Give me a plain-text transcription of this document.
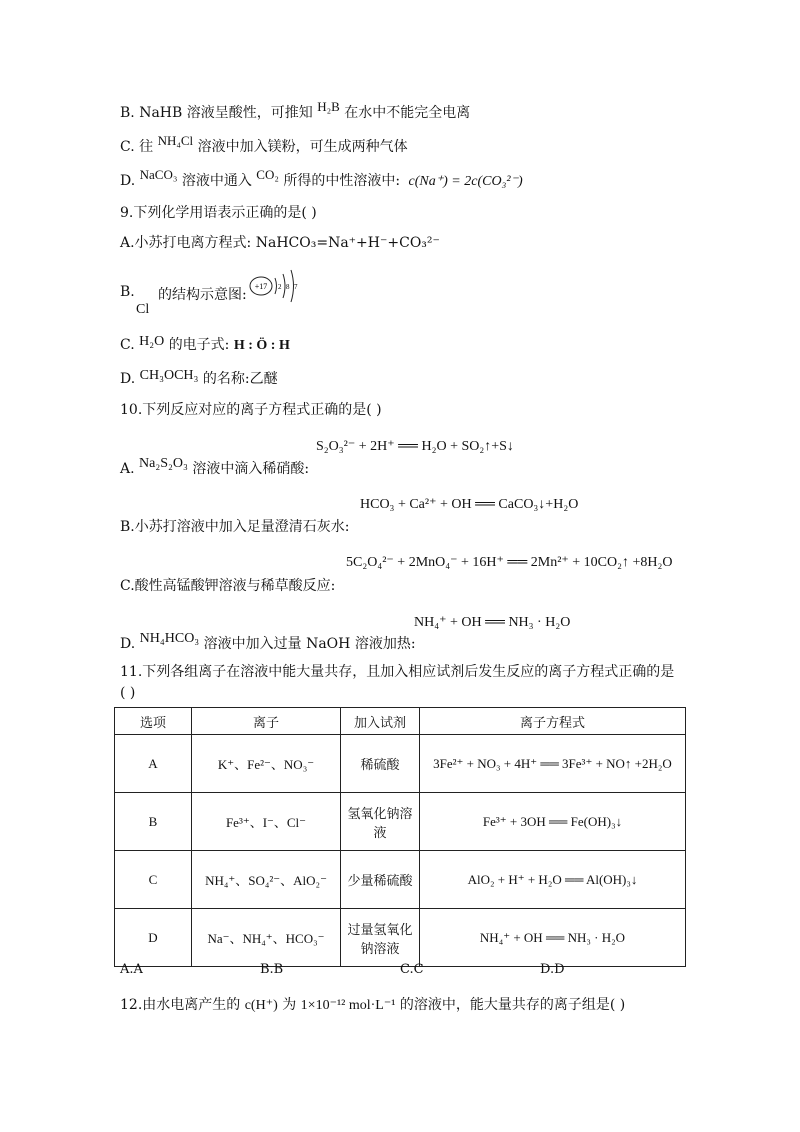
B. NaHB 溶液呈酸性，可推知 H₂B 在水中不能完全电离
C. 往 NH₄Cl 溶液中加入镁粉，可生成两种气体
D. NaCO₃ 溶液中通入 CO₂ 所得的中性溶液中: c(Na⁺) = 2c(CO₃²⁻)
9.下列化学用语表示正确的是( )
A.小苏打电离方程式: NaHCO₃=Na⁺+H⁻+CO₃²⁻
B.
Cl
的结构示意图:
+17 2 8 7
C. H₂O 的电子式: H : Ö : H
D. CH₃OCH₃ 的名称:乙醚
10.下列反应对应的离子方程式正确的是( )
S₂O₃²⁻ + 2H⁺ ══ H₂O + SO₂↑+S↓
A. Na₂S₂O₃ 溶液中滴入稀硝酸:
HCO₃ + Ca²⁺ + OH ══ CaCO₃↓+H₂O
B.小苏打溶液中加入足量澄清石灰水:
5C₂O₄²⁻ + 2MnO₄⁻ + 16H⁺ ══ 2Mn²⁺ + 10CO₂↑ +8H₂O
C.酸性高锰酸钾溶液与稀草酸反应:
NH₄⁺ + OH ══ NH₃ · H₂O
D. NH₄HCO₃ 溶液中加入过量 NaOH 溶液加热:
11.下列各组离子在溶液中能大量共存，且加入相应试剂后发生反应的离子方程式正确的是
( )
选项	离子	加入试剂	离子方程式
A	K⁺、Fe²⁻、NO₃⁻	稀硫酸	3Fe²⁺ + NO₃ + 4H⁺ ══ 3Fe³⁺ + NO↑ +2H₂O
B	Fe³⁺、I⁻、Cl⁻	氢氧化钠溶液	Fe³⁺ + 3OH ══ Fe(OH)₃↓
C	NH₄⁺、SO₄²⁻、AlO₂⁻	少量稀硫酸	AlO₂ + H⁺ + H₂O ══ Al(OH)₃↓
D	Na⁻、NH₄⁺、HCO₃⁻	过量氢氧化钠溶液	NH₄⁺ + OH ══ NH₃ · H₂O
A.A	B.B	C.C	D.D
12.由水电离产生的 c(H⁺) 为 1×10⁻¹² mol·L⁻¹ 的溶液中，能大量共存的离子组是( )
